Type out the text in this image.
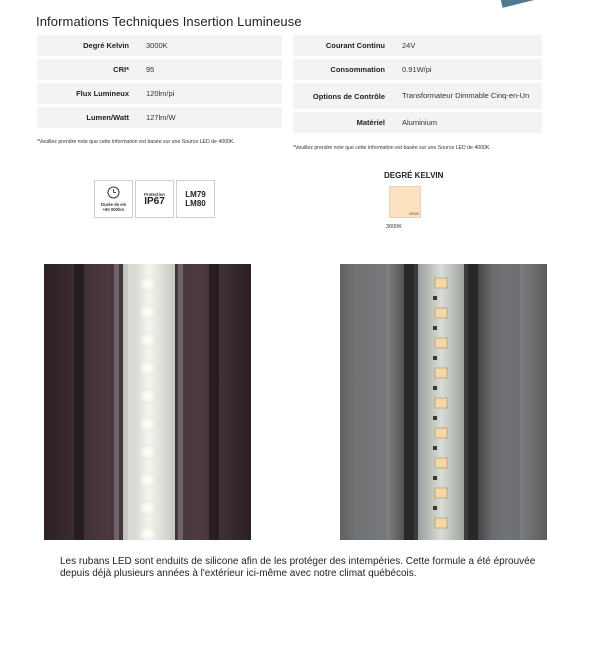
Informations Techniques Insertion Lumineuse
Degré Kelvin	3000K
CRI*	95
Flux Lumineux	120lm/pi
Lumen/Watt	127lm/W
Courant Continu	24V
Consommation	0.91W/pi
Options de Contrôle	Transformateur Dimmable Cinq-en-Un
Matériel	Aluminium
*Veuillez prendre note que cette information est basée sur une Source LED de 4000K.
*Veuillez prendre note que cette information est basée sur une Source LED de 4000K.
Durée de vie
+60 000hrs
Protection
IP67
LM79
LM80
DEGRÉ KELVIN
3000K
3000K
Les rubans LED sont enduits de silicone afin de les protéger des intempéries. Cette formule a été éprouvée depuis déjà plusieurs années à l'extérieur ici-même avec notre climat québécois.
